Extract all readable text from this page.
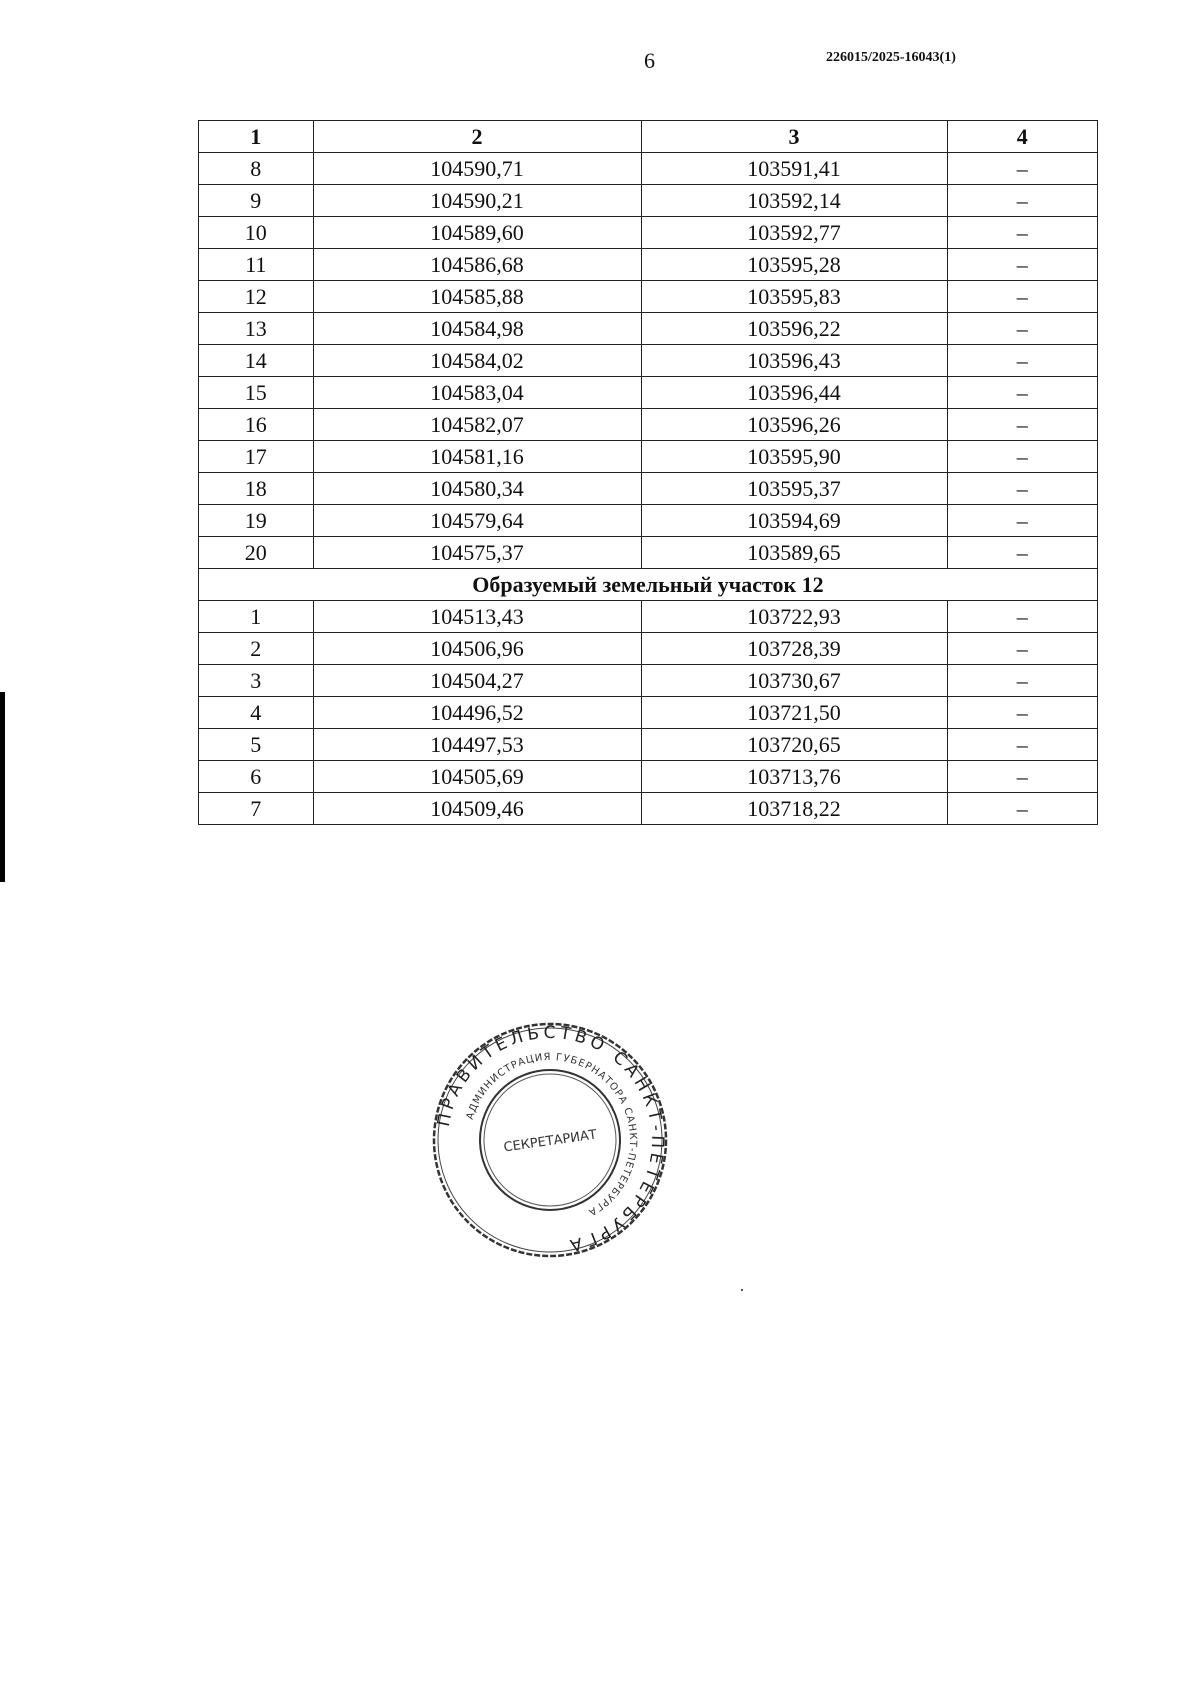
6	226015/2025-16043(1)
1	2	3	4
8	104590,71	103591,41	–
9	104590,21	103592,14	–
10	104589,60	103592,77	–
11	104586,68	103595,28	–
12	104585,88	103595,83	–
13	104584,98	103596,22	–
14	104584,02	103596,43	–
15	104583,04	103596,44	–
16	104582,07	103596,26	–
17	104581,16	103595,90	–
18	104580,34	103595,37	–
19	104579,64	103594,69	–
20	104575,37	103589,65	–
Образуемый земельный участок 12			
1	104513,43	103722,93	–
2	104506,96	103728,39	–
3	104504,27	103730,67	–
4	104496,52	103721,50	–
5	104497,53	103720,65	–
6	104505,69	103713,76	–
7	104509,46	103718,22	–
ПРАВИТЕЛЬСТВО САНКТ-ПЕТЕРБУРГА
АДМИНИСТРАЦИЯ ГУБЕРНАТОРА САНКТ-ПЕТЕРБУРГА
СЕКРЕТАРИАТ
